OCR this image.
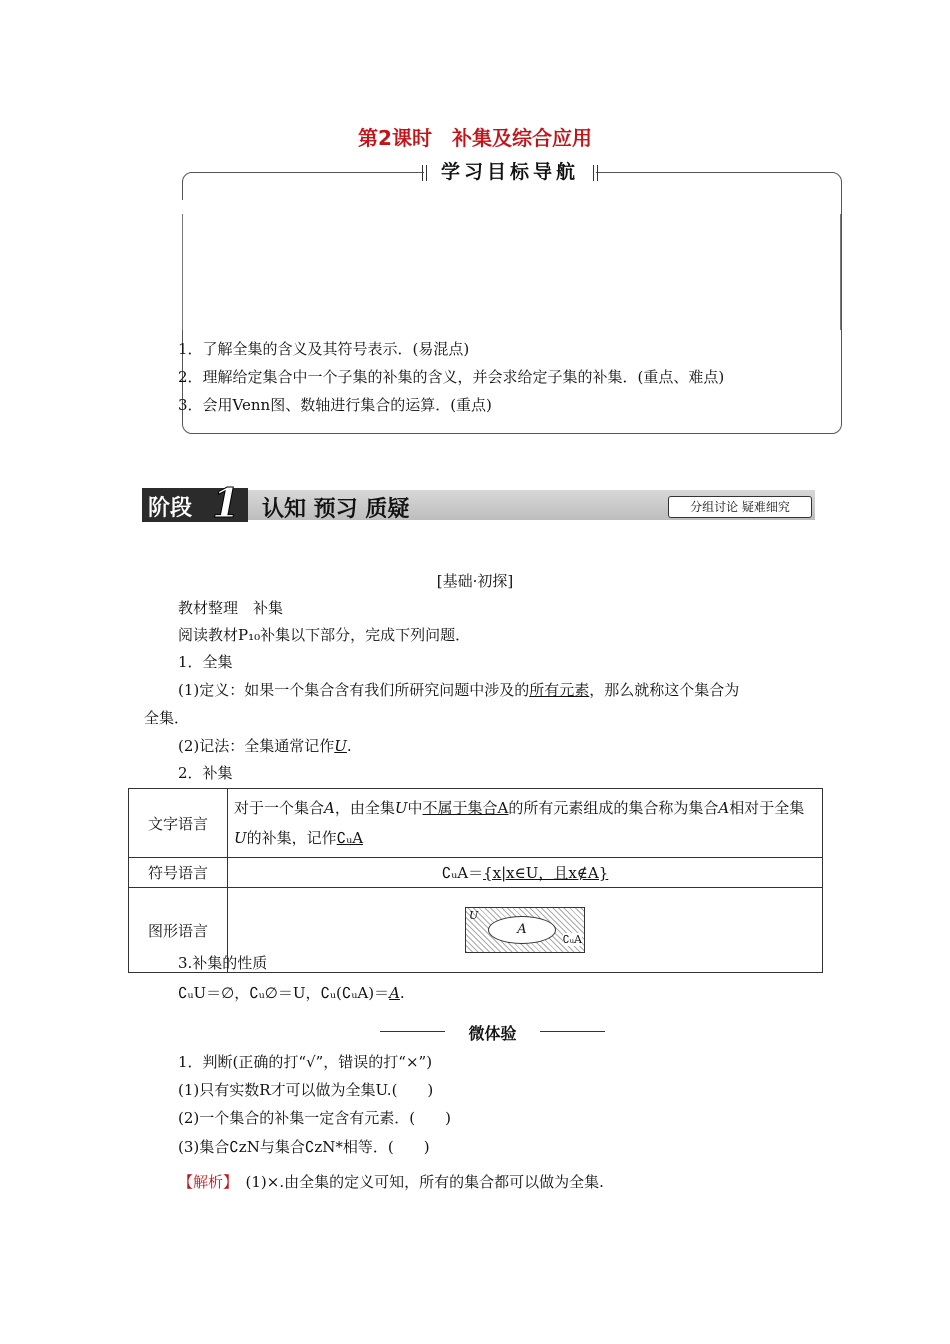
第2课时　补集及综合应用
学习目标导航
1．了解全集的含义及其符号表示．(易混点)
2．理解给定集合中一个子集的补集的含义，并会求给定子集的补集．(重点、难点)
3．会用Venn图、数轴进行集合的运算．(重点)
阶段 1 认知 预习 质疑	分组讨论 疑难细究
[基础·初探]
教材整理　补集
阅读教材P₁₀补集以下部分，完成下列问题．
1．全集
(1)定义：如果一个集合含有我们所研究问题中涉及的所有元素，那么就称这个集合为
全集．
(2)记法：全集通常记作U.
2．补集
文字语言	对于一个集合A，由全集U中不属于集合A的所有元素组成的集合称为集合A相对于全集U的补集，记作∁ᵤA
符号语言	∁ᵤA＝{x|x∈U，且x∉A}
图形语言	U
A
∁ᵤA
3.补集的性质
∁ᵤU＝∅，∁ᵤ∅＝U，∁ᵤ(∁ᵤA)＝A.
微体验
1．判断(正确的打“√”，错误的打“×”)
(1)只有实数R才可以做为全集U.(　　)
(2)一个集合的补集一定含有元素．(　　)
(3)集合∁ᴢN与集合∁ᴢN*相等．(　　)
【解析】　 (1)×.由全集的定义可知，所有的集合都可以做为全集.
